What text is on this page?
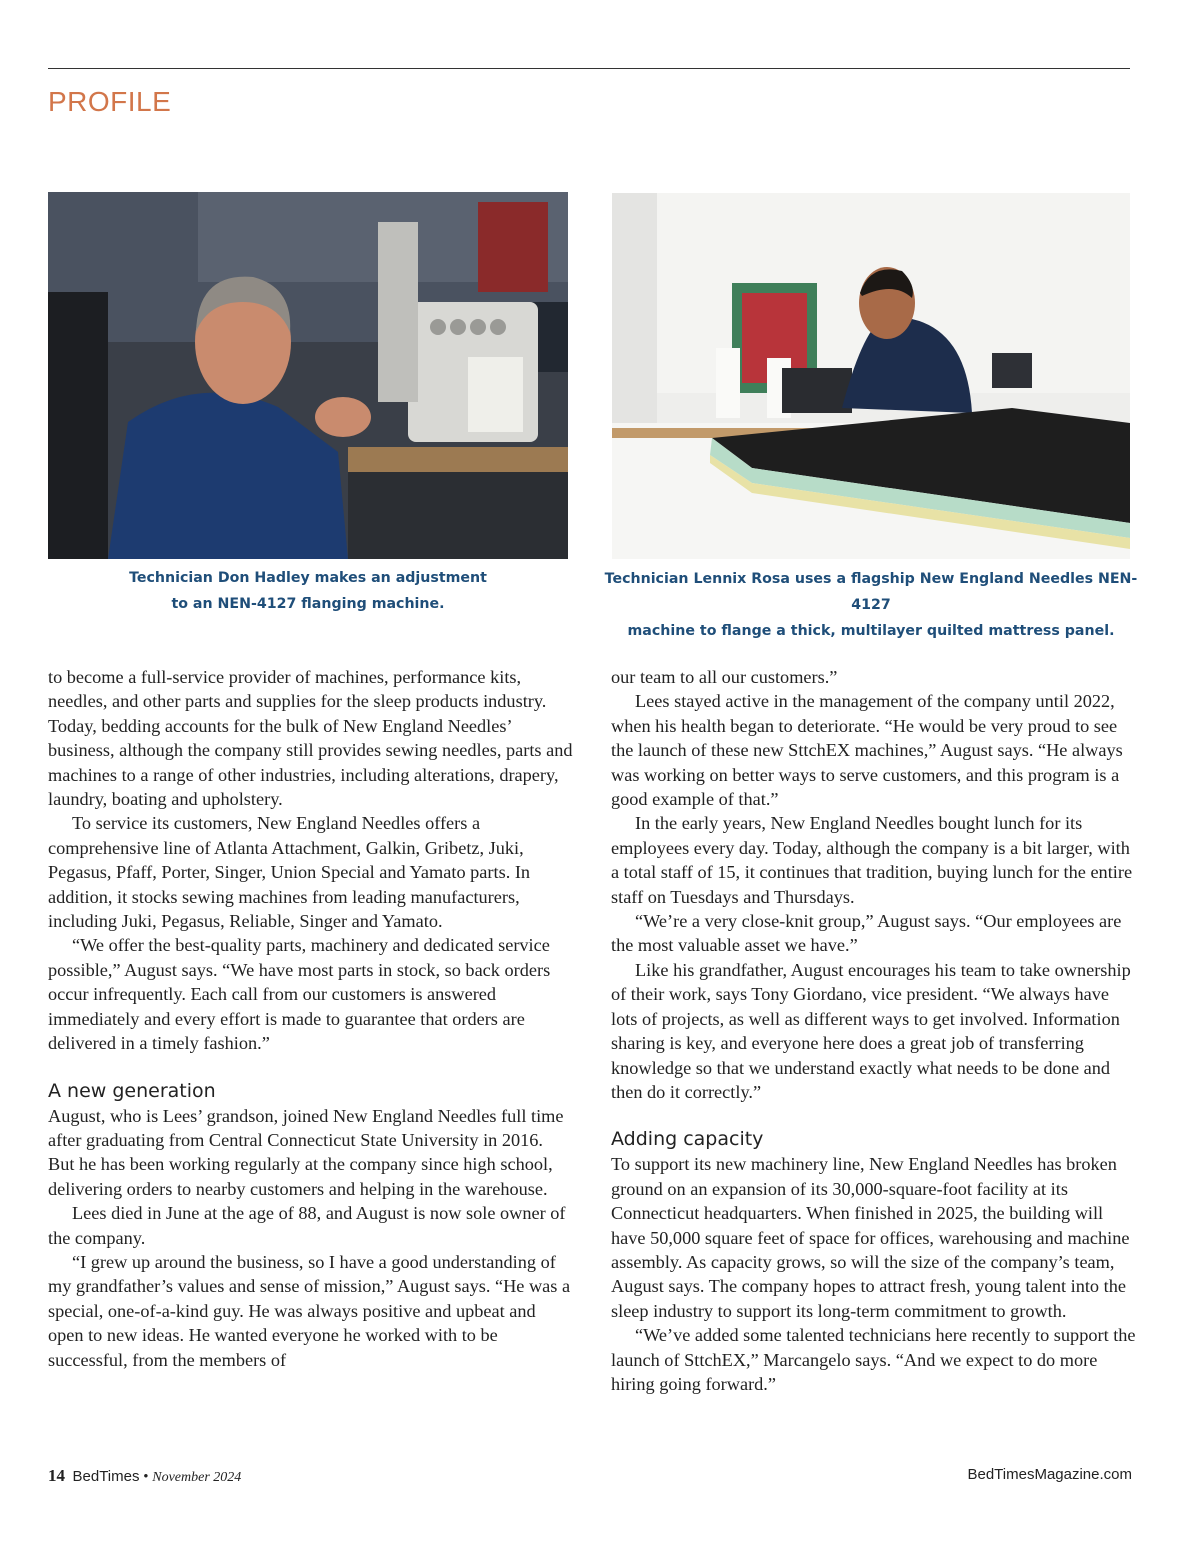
PROFILE
Technician Don Hadley makes an adjustment
to an NEN-4127 flanging machine.
Technician Lennix Rosa uses a flagship New England Needles NEN-4127
machine to flange a thick, multilayer quilted mattress panel.

to become a full-service provider of machines, performance kits, needles, and other parts and supplies for the sleep products industry. Today, bedding accounts for the bulk of New England Needles’ business, although the company still provides sewing needles, parts and machines to a range of other industries, including alterations, drapery, laundry, boating and upholstery.

To service its customers, New England Needles offers a comprehensive line of Atlanta Attachment, Galkin, Gribetz, Juki, Pegasus, Pfaff, Porter, Singer, Union Special and Yamato parts. In addition, it stocks sewing machines from leading manufacturers, including Juki, Pegasus, Reliable, Singer and Yamato.

“We offer the best-quality parts, machinery and dedicated service possible,” August says. “We have most parts in stock, so back orders occur infrequently. Each call from our customers is answered immediately and every effort is made to guarantee that orders are delivered in a timely fashion.”

A new generation

August, who is Lees’ grandson, joined New England Needles full time after graduating from Central Connecticut State University in 2016. But he has been working regularly at the company since high school, delivering orders to nearby customers and helping in the warehouse.

Lees died in June at the age of 88, and August is now sole owner of the company.

“I grew up around the business, so I have a good understanding of my grandfather’s values and sense of mission,” August says. “He was a special, one-of-a-kind guy. He was always positive and upbeat and open to new ideas. He wanted everyone he worked with to be successful, from the members of

our team to all our customers.”

Lees stayed active in the management of the company until 2022, when his health began to deteriorate. “He would be very proud to see the launch of these new SttchEX machines,” August says. “He always was working on better ways to serve customers, and this program is a good example of that.”

In the early years, New England Needles bought lunch for its employees every day. Today, although the company is a bit larger, with a total staff of 15, it continues that tradition, buying lunch for the entire staff on Tuesdays and Thursdays.

“We’re a very close-knit group,” August says. “Our employees are the most valuable asset we have.”

Like his grandfather, August encourages his team to take ownership of their work, says Tony Giordano, vice president. “We always have lots of projects, as well as different ways to get involved. Information sharing is key, and everyone here does a great job of transferring knowledge so that we understand exactly what needs to be done and then do it correctly.”

Adding capacity

To support its new machinery line, New England Needles has broken ground on an expansion of its 30,000-square-foot facility at its Connecticut headquarters. When finished in 2025, the building will have 50,000 square feet of space for offices, warehousing and machine assembly. As capacity grows, so will the size of the company’s team, August says. The company hopes to attract fresh, young talent into the sleep industry to support its long-term commitment to growth.

“We’ve added some talented technicians here recently to support the launch of SttchEX,” Marcangelo says. “And we expect to do more hiring going forward.”

14 BedTimes • November 2024	BedTimesMagazine.com
